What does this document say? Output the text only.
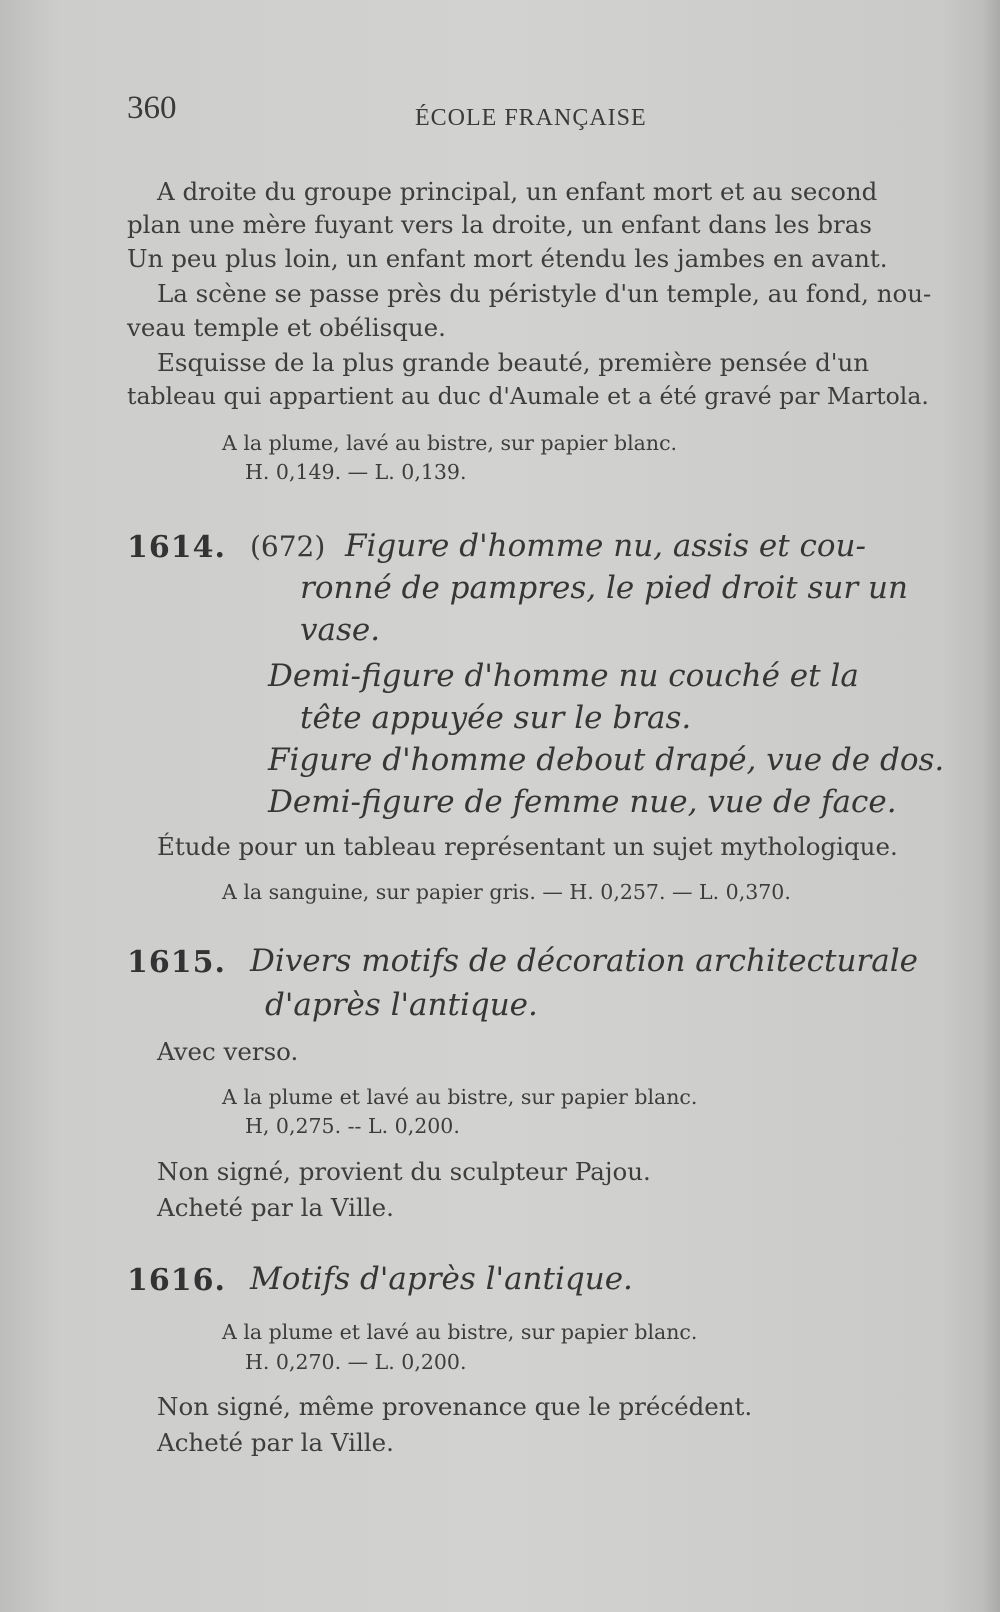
360	ÉCOLE FRANÇAISE
A droite du groupe principal, un enfant mort et au second
plan une mère fuyant vers la droite, un enfant dans les bras
Un peu plus loin, un enfant mort étendu les jambes en avant.
La scène se passe près du péristyle d'un temple, au fond, nou-
veau temple et obélisque.
Esquisse de la plus grande beauté, première pensée d'un
tableau qui appartient au duc d'Aumale et a été gravé par Martola.
A la plume, lavé au bistre, sur papier blanc.
H. 0,149. — L. 0,139.
1614. (672) Figure d'homme nu, assis et cou-
ronné de pampres, le pied droit sur un
vase.
Demi-figure d'homme nu couché et la
tête appuyée sur le bras.
Figure d'homme debout drapé, vue de dos.
Demi-figure de femme nue, vue de face.
Étude pour un tableau représentant un sujet mythologique.
A la sanguine, sur papier gris. — H. 0,257. — L. 0,370.
1615. Divers motifs de décoration architecturale
d'après l'antique.
Avec verso.
A la plume et lavé au bistre, sur papier blanc.
H, 0,275. -- L. 0,200.
Non signé, provient du sculpteur Pajou.
Acheté par la Ville.
1616. Motifs d'après l'antique.
A la plume et lavé au bistre, sur papier blanc.
H. 0,270. — L. 0,200.
Non signé, même provenance que le précédent.
Acheté par la Ville.
